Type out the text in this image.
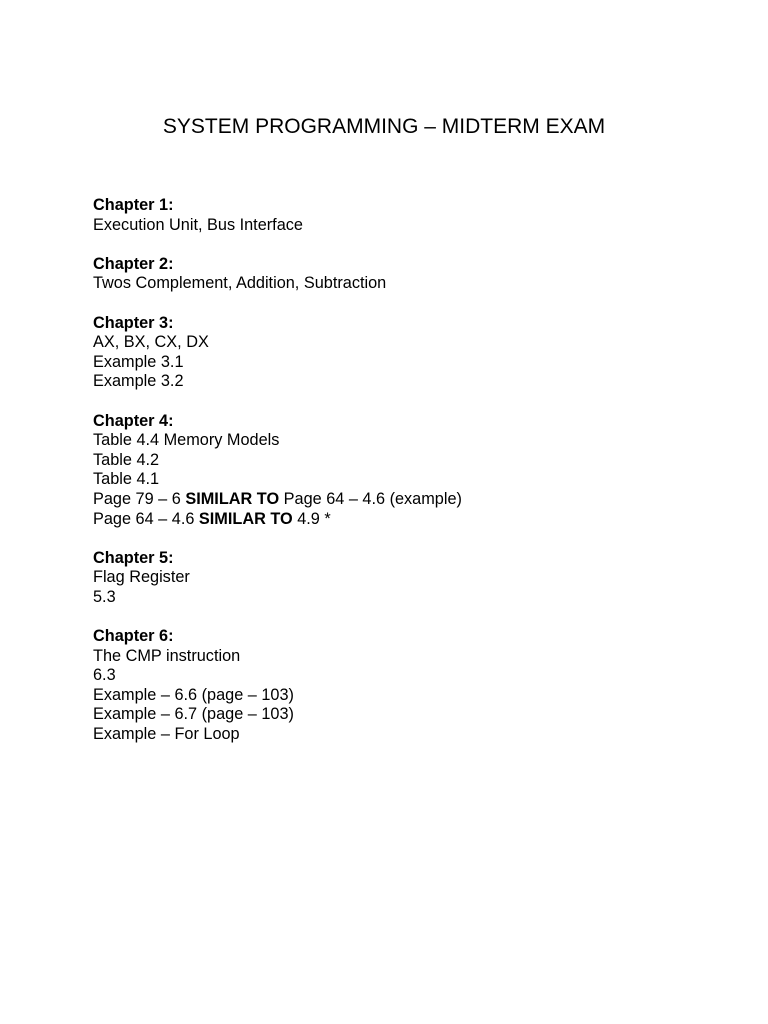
SYSTEM PROGRAMMING – MIDTERM EXAM

Chapter 1:

Execution Unit, Bus Interface

Chapter 2:

Twos Complement, Addition, Subtraction

Chapter 3:

AX, BX, CX, DX

Example 3.1

Example 3.2

Chapter 4:

Table 4.4 Memory Models

Table 4.2

Table 4.1

Page 79 – 6 SIMILAR TO Page 64 – 4.6 (example)

Page 64 – 4.6 SIMILAR TO 4.9 *

Chapter 5:

Flag Register

5.3

Chapter 6:

The CMP instruction

6.3

Example – 6.6 (page – 103)

Example – 6.7 (page – 103)

Example – For Loop
